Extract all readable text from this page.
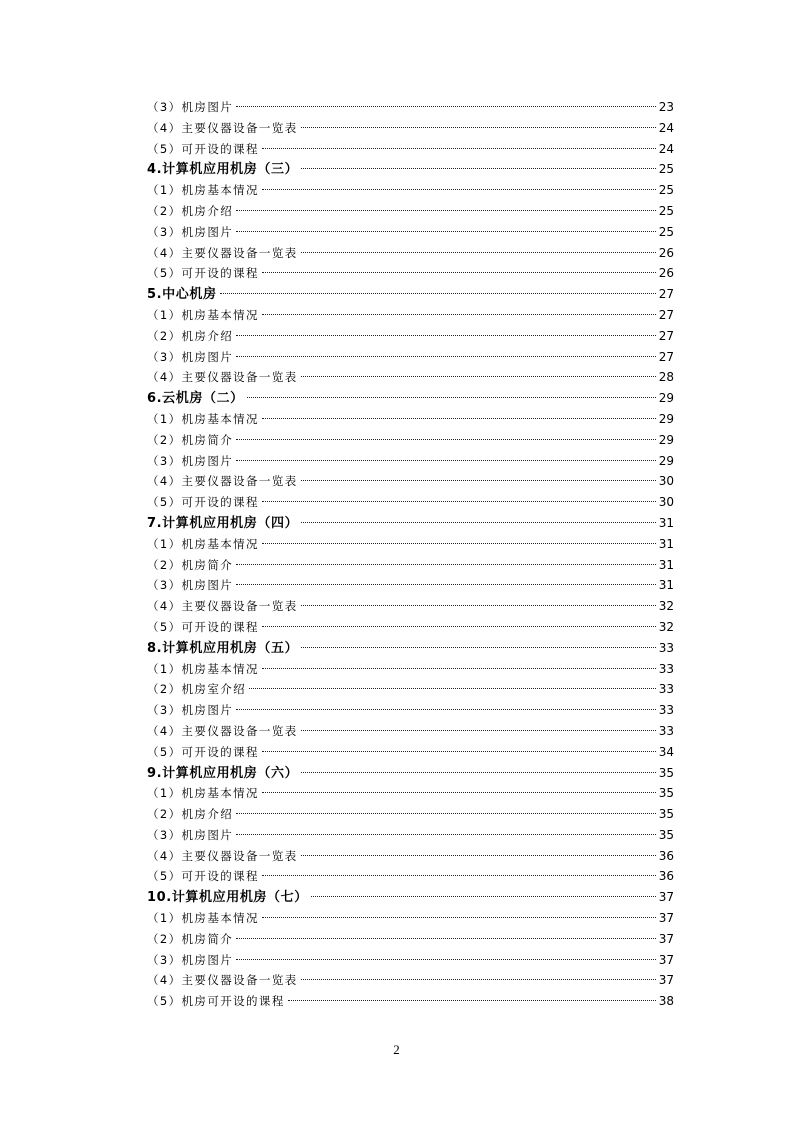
（3）机房图片	23
（4）主要仪器设备一览表	24
（5）可开设的课程	24
4.计算机应用机房（三）	25
（1）机房基本情况	25
（2）机房介绍	25
（3）机房图片	25
（4）主要仪器设备一览表	26
（5）可开设的课程	26
5.中心机房	27
（1）机房基本情况	27
（2）机房介绍	27
（3）机房图片	27
（4）主要仪器设备一览表	28
6.云机房（二）	29
（1）机房基本情况	29
（2）机房简介	29
（3）机房图片	29
（4）主要仪器设备一览表	30
（5）可开设的课程	30
7.计算机应用机房（四）	31
（1）机房基本情况	31
（2）机房简介	31
（3）机房图片	31
（4）主要仪器设备一览表	32
（5）可开设的课程	32
8.计算机应用机房（五）	33
（1）机房基本情况	33
（2）机房室介绍	33
（3）机房图片	33
（4）主要仪器设备一览表	33
（5）可开设的课程	34
9.计算机应用机房（六）	35
（1）机房基本情况	35
（2）机房介绍	35
（3）机房图片	35
（4）主要仪器设备一览表	36
（5）可开设的课程	36
10.计算机应用机房（七）	37
（1）机房基本情况	37
（2）机房简介	37
（3）机房图片	37
（4）主要仪器设备一览表	37
（5）机房可开设的课程	38
2
